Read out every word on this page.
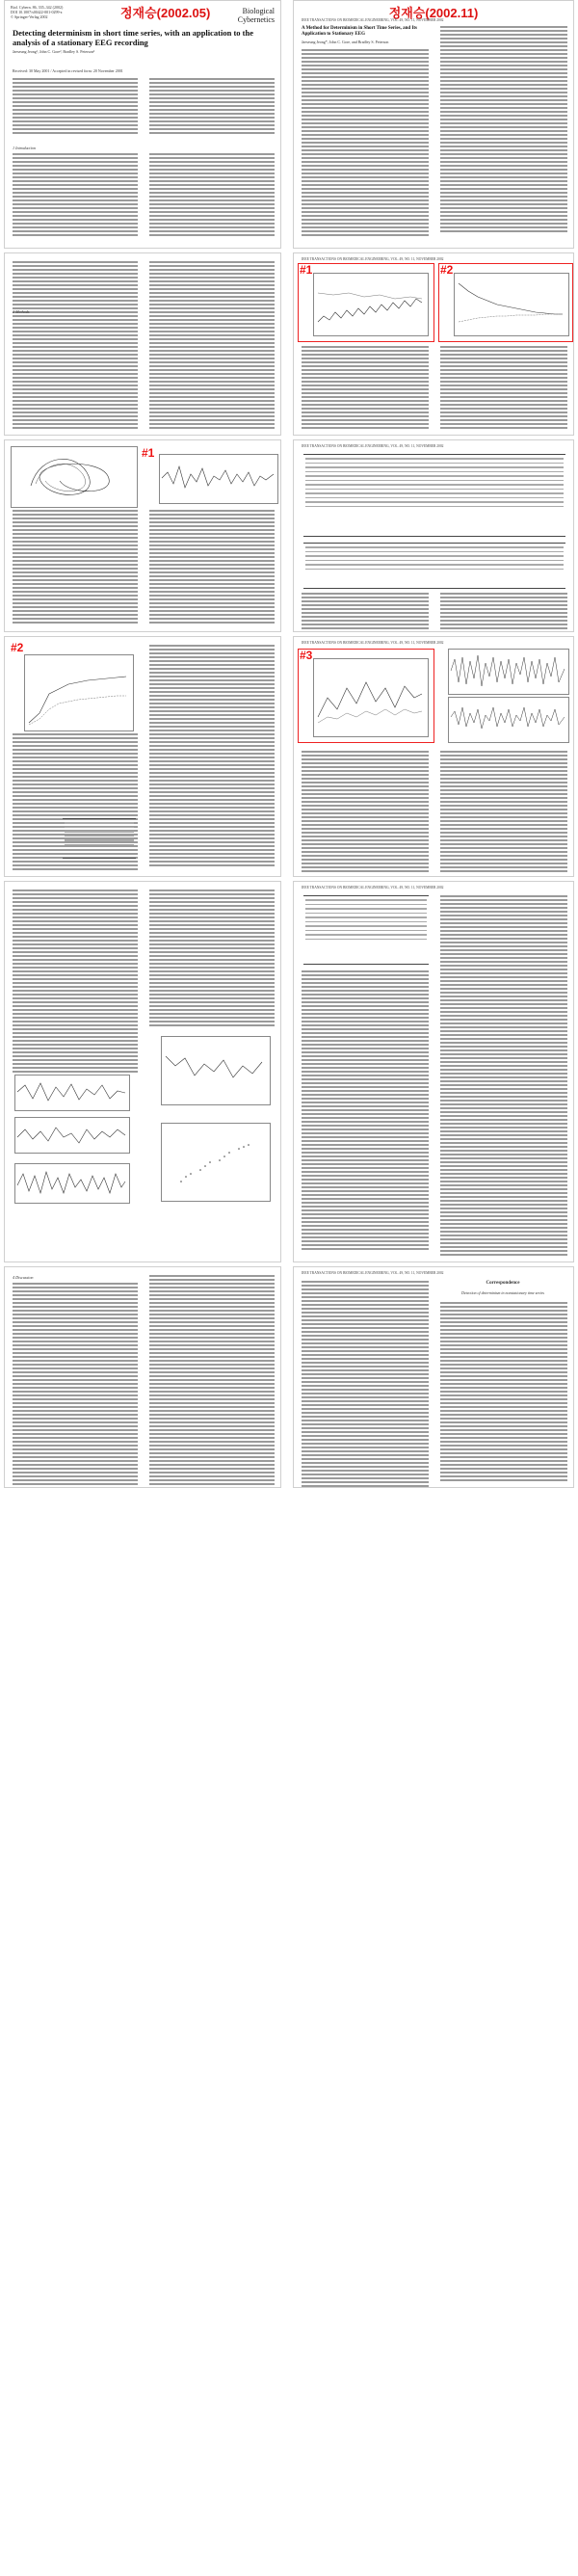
정재승(2002.05)
Biol. Cybern. 86, 335–342 (2002)
DOI 10.1007/s00422-001-0299-z
© Springer-Verlag 2002
Biological
Cybernetics
Detecting determinism in short time series, with an application to the analysis of a stationary EEG recording
Jaeseung Jeong¹, John C. Gore², Bradley S. Peterson³
Received: 30 May 2001 / Accepted in revised form: 20 November 2001
1 Introduction
2 Methods
#1
#2
4 Discussion
정재승(2002.11)
IEEE TRANSACTIONS ON BIOMEDICAL ENGINEERING, VOL. 49, NO. 11, NOVEMBER 2002
A Method for Determinism in Short Time Series, and Its Application to Stationary EEG
Jaeseung Jeong*, John C. Gore, and Bradley S. Peterson
IEEE TRANSACTIONS ON BIOMEDICAL ENGINEERING, VOL. 49, NO. 11, NOVEMBER 2002
#1	#2
IEEE TRANSACTIONS ON BIOMEDICAL ENGINEERING, VOL. 49, NO. 11, NOVEMBER 2002
IEEE TRANSACTIONS ON BIOMEDICAL ENGINEERING, VOL. 49, NO. 11, NOVEMBER 2002
#3
IEEE TRANSACTIONS ON BIOMEDICAL ENGINEERING, VOL. 49, NO. 11, NOVEMBER 2002
IEEE TRANSACTIONS ON BIOMEDICAL ENGINEERING, VOL. 49, NO. 11, NOVEMBER 2002
Correspondence
Detection of determinism in nonstationary time series
